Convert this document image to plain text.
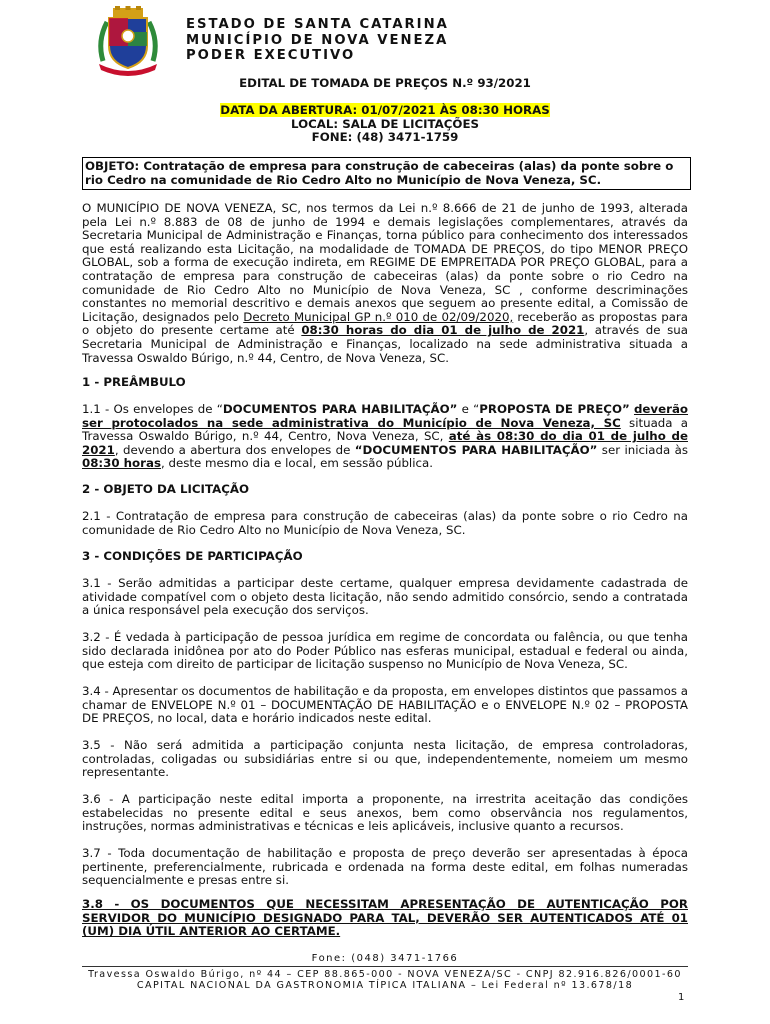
ESTADO DE SANTA CATARINA
MUNICÍPIO DE NOVA VENEZA
PODER EXECUTIVO
EDITAL DE TOMADA DE PREÇOS N.º 93/2021
DATA DA ABERTURA: 01/07/2021 ÀS 08:30 HORAS
LOCAL: SALA DE LICITAÇÕES
FONE: (48) 3471-1759
OBJETO: Contratação de empresa para construção de cabeceiras (alas) da ponte sobre o rio Cedro na comunidade de Rio Cedro Alto no Município de Nova Veneza, SC.

O MUNICÍPIO DE NOVA VENEZA, SC, nos termos da Lei n.º 8.666 de 21 de junho de 1993, alterada pela Lei n.º 8.883 de 08 de junho de 1994 e demais legislações complementares, através da Secretaria Municipal de Administração e Finanças, torna público para conhecimento dos interessados que está realizando esta Licitação, na modalidade de TOMADA DE PREÇOS, do tipo MENOR PREÇO GLOBAL, sob a forma de execução indireta, em REGIME DE EMPREITADA POR PREÇO GLOBAL, para a contratação de empresa para construção de cabeceiras (alas) da ponte sobre o rio Cedro na comunidade de Rio Cedro Alto no Município de Nova Veneza, SC , conforme descriminações constantes no memorial descritivo e demais anexos que seguem ao presente edital, a Comissão de Licitação, designados pelo Decreto Municipal GP n.º 010 de 02/09/2020, receberão as propostas para o objeto do presente certame até 08:30 horas do dia 01 de julho de 2021, através de sua Secretaria Municipal de Administração e Finanças, localizado na sede administrativa situada a Travessa Oswaldo Búrigo, n.º 44, Centro, de Nova Veneza, SC.

1 - PREÂMBULO

1.1 - Os envelopes de “DOCUMENTOS PARA HABILITAÇÃO” e “PROPOSTA DE PREÇO” deverão ser protocolados na sede administrativa do Município de Nova Veneza, SC situada a Travessa Oswaldo Búrigo, n.º 44, Centro, Nova Veneza, SC, até às 08:30 do dia 01 de julho de 2021, devendo a abertura dos envelopes de “DOCUMENTOS PARA HABILITAÇÃO” ser iniciada às 08:30 horas, deste mesmo dia e local, em sessão pública.

2 - OBJETO DA LICITAÇÃO
2.1 - Contratação de empresa para construção de cabeceiras (alas) da ponte sobre o rio Cedro na comunidade de Rio Cedro Alto no Município de Nova Veneza, SC.
3 - CONDIÇÕES DE PARTICIPAÇÃO
3.1 - Serão admitidas a participar deste certame, qualquer empresa devidamente cadastrada de atividade compatível com o objeto desta licitação, não sendo admitido consórcio, sendo a contratada a única responsável pela execução dos serviços.
3.2 - É vedada à participação de pessoa jurídica em regime de concordata ou falência, ou que tenha sido declarada inidônea por ato do Poder Público nas esferas municipal, estadual e federal ou ainda, que esteja com direito de participar de licitação suspenso no Município de Nova Veneza, SC.
3.4 - Apresentar os documentos de habilitação e da proposta, em envelopes distintos que passamos a chamar de ENVELOPE N.º 01 – DOCUMENTAÇÃO DE HABILITAÇÃO e o ENVELOPE N.º 02 – PROPOSTA DE PREÇOS, no local, data e horário indicados neste edital.
3.5 - Não será admitida a participação conjunta nesta licitação, de empresa controladoras, controladas, coligadas ou subsidiárias entre si ou que, independentemente, nomeiem um mesmo representante.
3.6 - A participação neste edital importa a proponente, na irrestrita aceitação das condições estabelecidas no presente edital e seus anexos, bem como observância nos regulamentos, instruções, normas administrativas e técnicas e leis aplicáveis, inclusive quanto a recursos.
3.7 - Toda documentação de habilitação e proposta de preço deverão ser apresentadas à época pertinente, preferencialmente, rubricada e ordenada na forma deste edital, em folhas numeradas sequencialmente e presas entre si.
3.8 - OS DOCUMENTOS QUE NECESSITAM APRESENTAÇÃO DE AUTENTICAÇÃO POR SERVIDOR DO MUNICÍPIO DESIGNADO PARA TAL, DEVERÃO SER AUTENTICADOS ATÉ 01 (UM) DIA ÚTIL ANTERIOR AO CERTAME.
Fone: (048) 3471-1766
Travessa Oswaldo Búrigo, nº 44 – CEP 88.865-000 - NOVA VENEZA/SC - CNPJ 82.916.826/0001-60
CAPITAL NACIONAL DA GASTRONOMIA TÍPICA ITALIANA – Lei Federal nº 13.678/18
1
